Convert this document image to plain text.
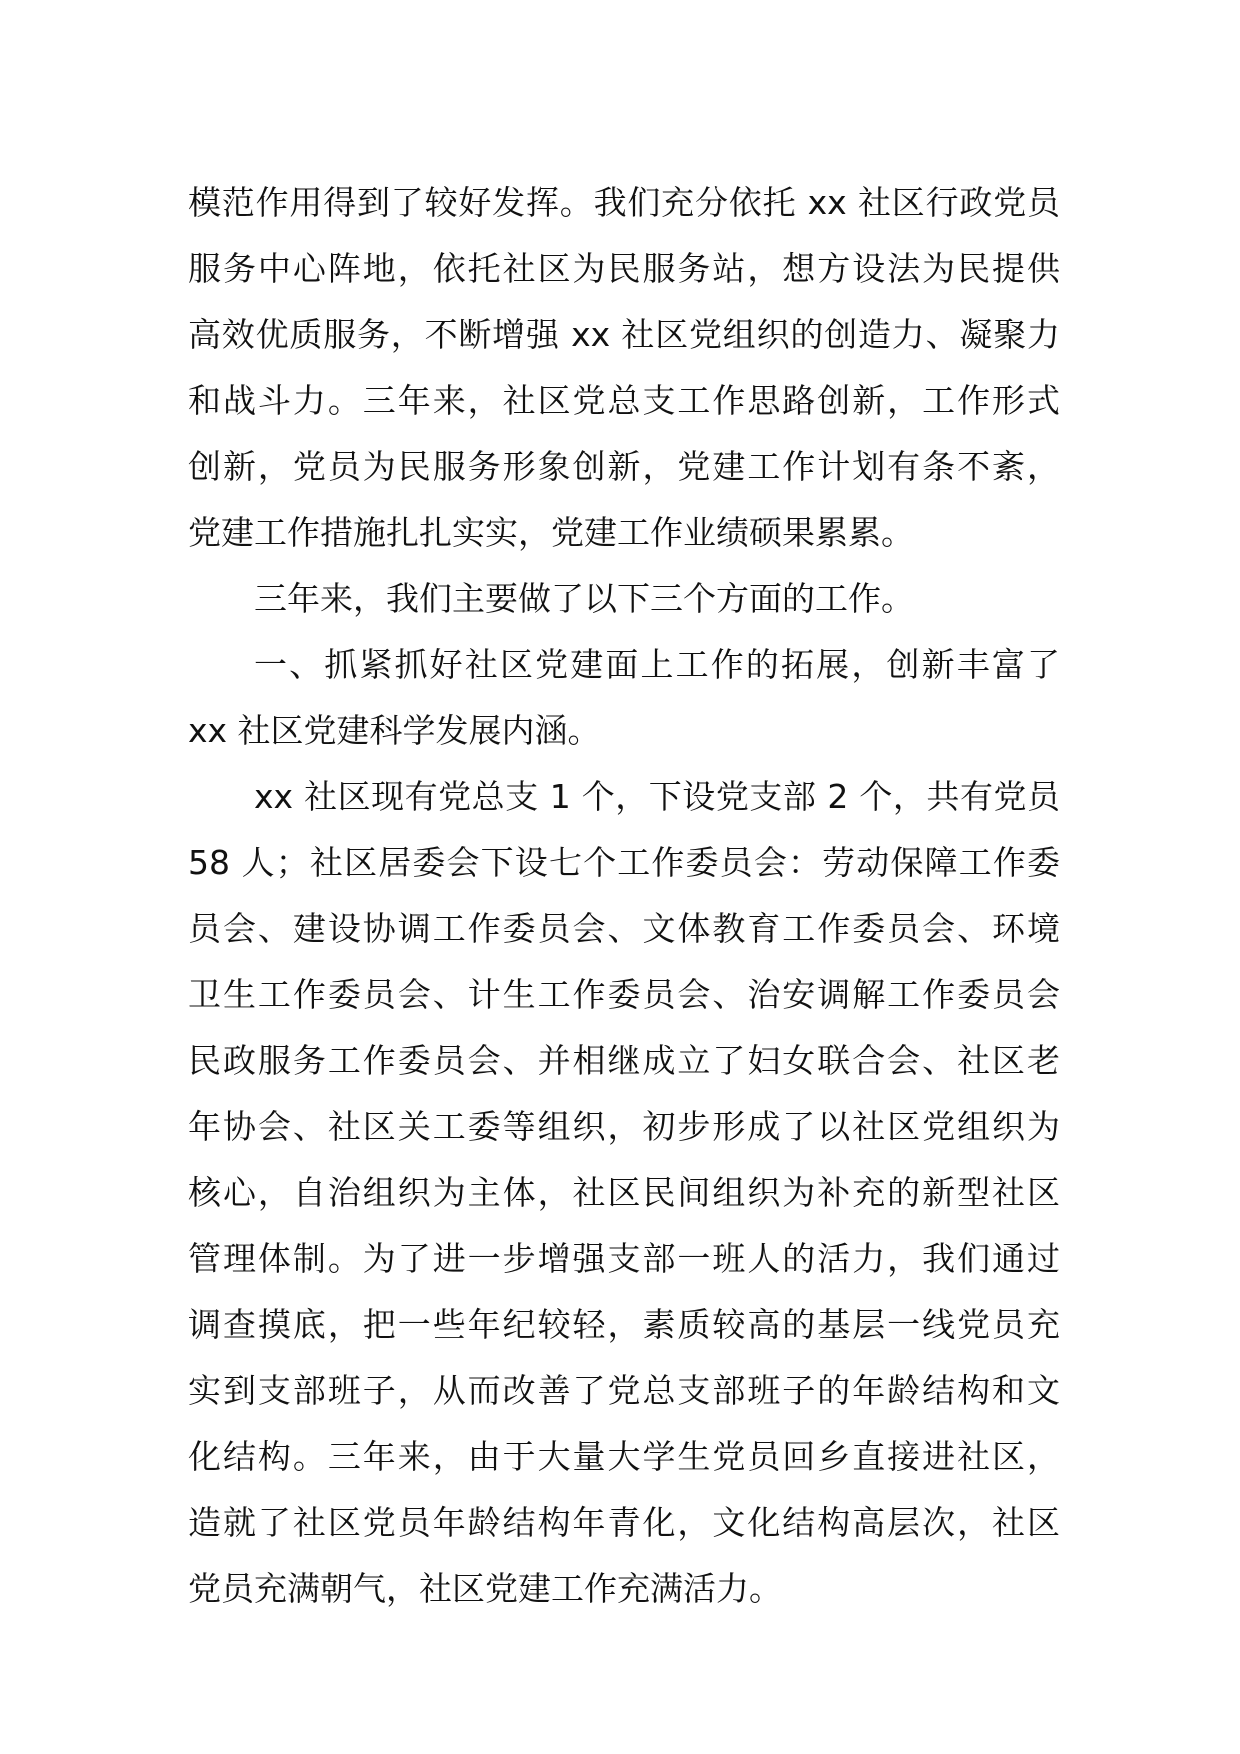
模范作用得到了较好发挥。我们充分依托 xx 社区行政党员
服务中心阵地，依托社区为民服务站，想方设法为民提供
高效优质服务，不断增强 xx 社区党组织的创造力、凝聚力
和战斗力。三年来，社区党总支工作思路创新，工作形式
创新，党员为民服务形象创新，党建工作计划有条不紊，
党建工作措施扎扎实实，党建工作业绩硕果累累。
三年来，我们主要做了以下三个方面的工作。
一、抓紧抓好社区党建面上工作的拓展，创新丰富了
xx 社区党建科学发展内涵。
xx 社区现有党总支 1 个，下设党支部 2 个，共有党员
58 人；社区居委会下设七个工作委员会：劳动保障工作委
员会、建设协调工作委员会、文体教育工作委员会、环境
卫生工作委员会、计生工作委员会、治安调解工作委员会
民政服务工作委员会、并相继成立了妇女联合会、社区老
年协会、社区关工委等组织，初步形成了以社区党组织为
核心，自治组织为主体，社区民间组织为补充的新型社区
管理体制。为了进一步增强支部一班人的活力，我们通过
调查摸底，把一些年纪较轻，素质较高的基层一线党员充
实到支部班子，从而改善了党总支部班子的年龄结构和文
化结构。三年来，由于大量大学生党员回乡直接进社区，
造就了社区党员年龄结构年青化，文化结构高层次，社区
党员充满朝气，社区党建工作充满活力。
